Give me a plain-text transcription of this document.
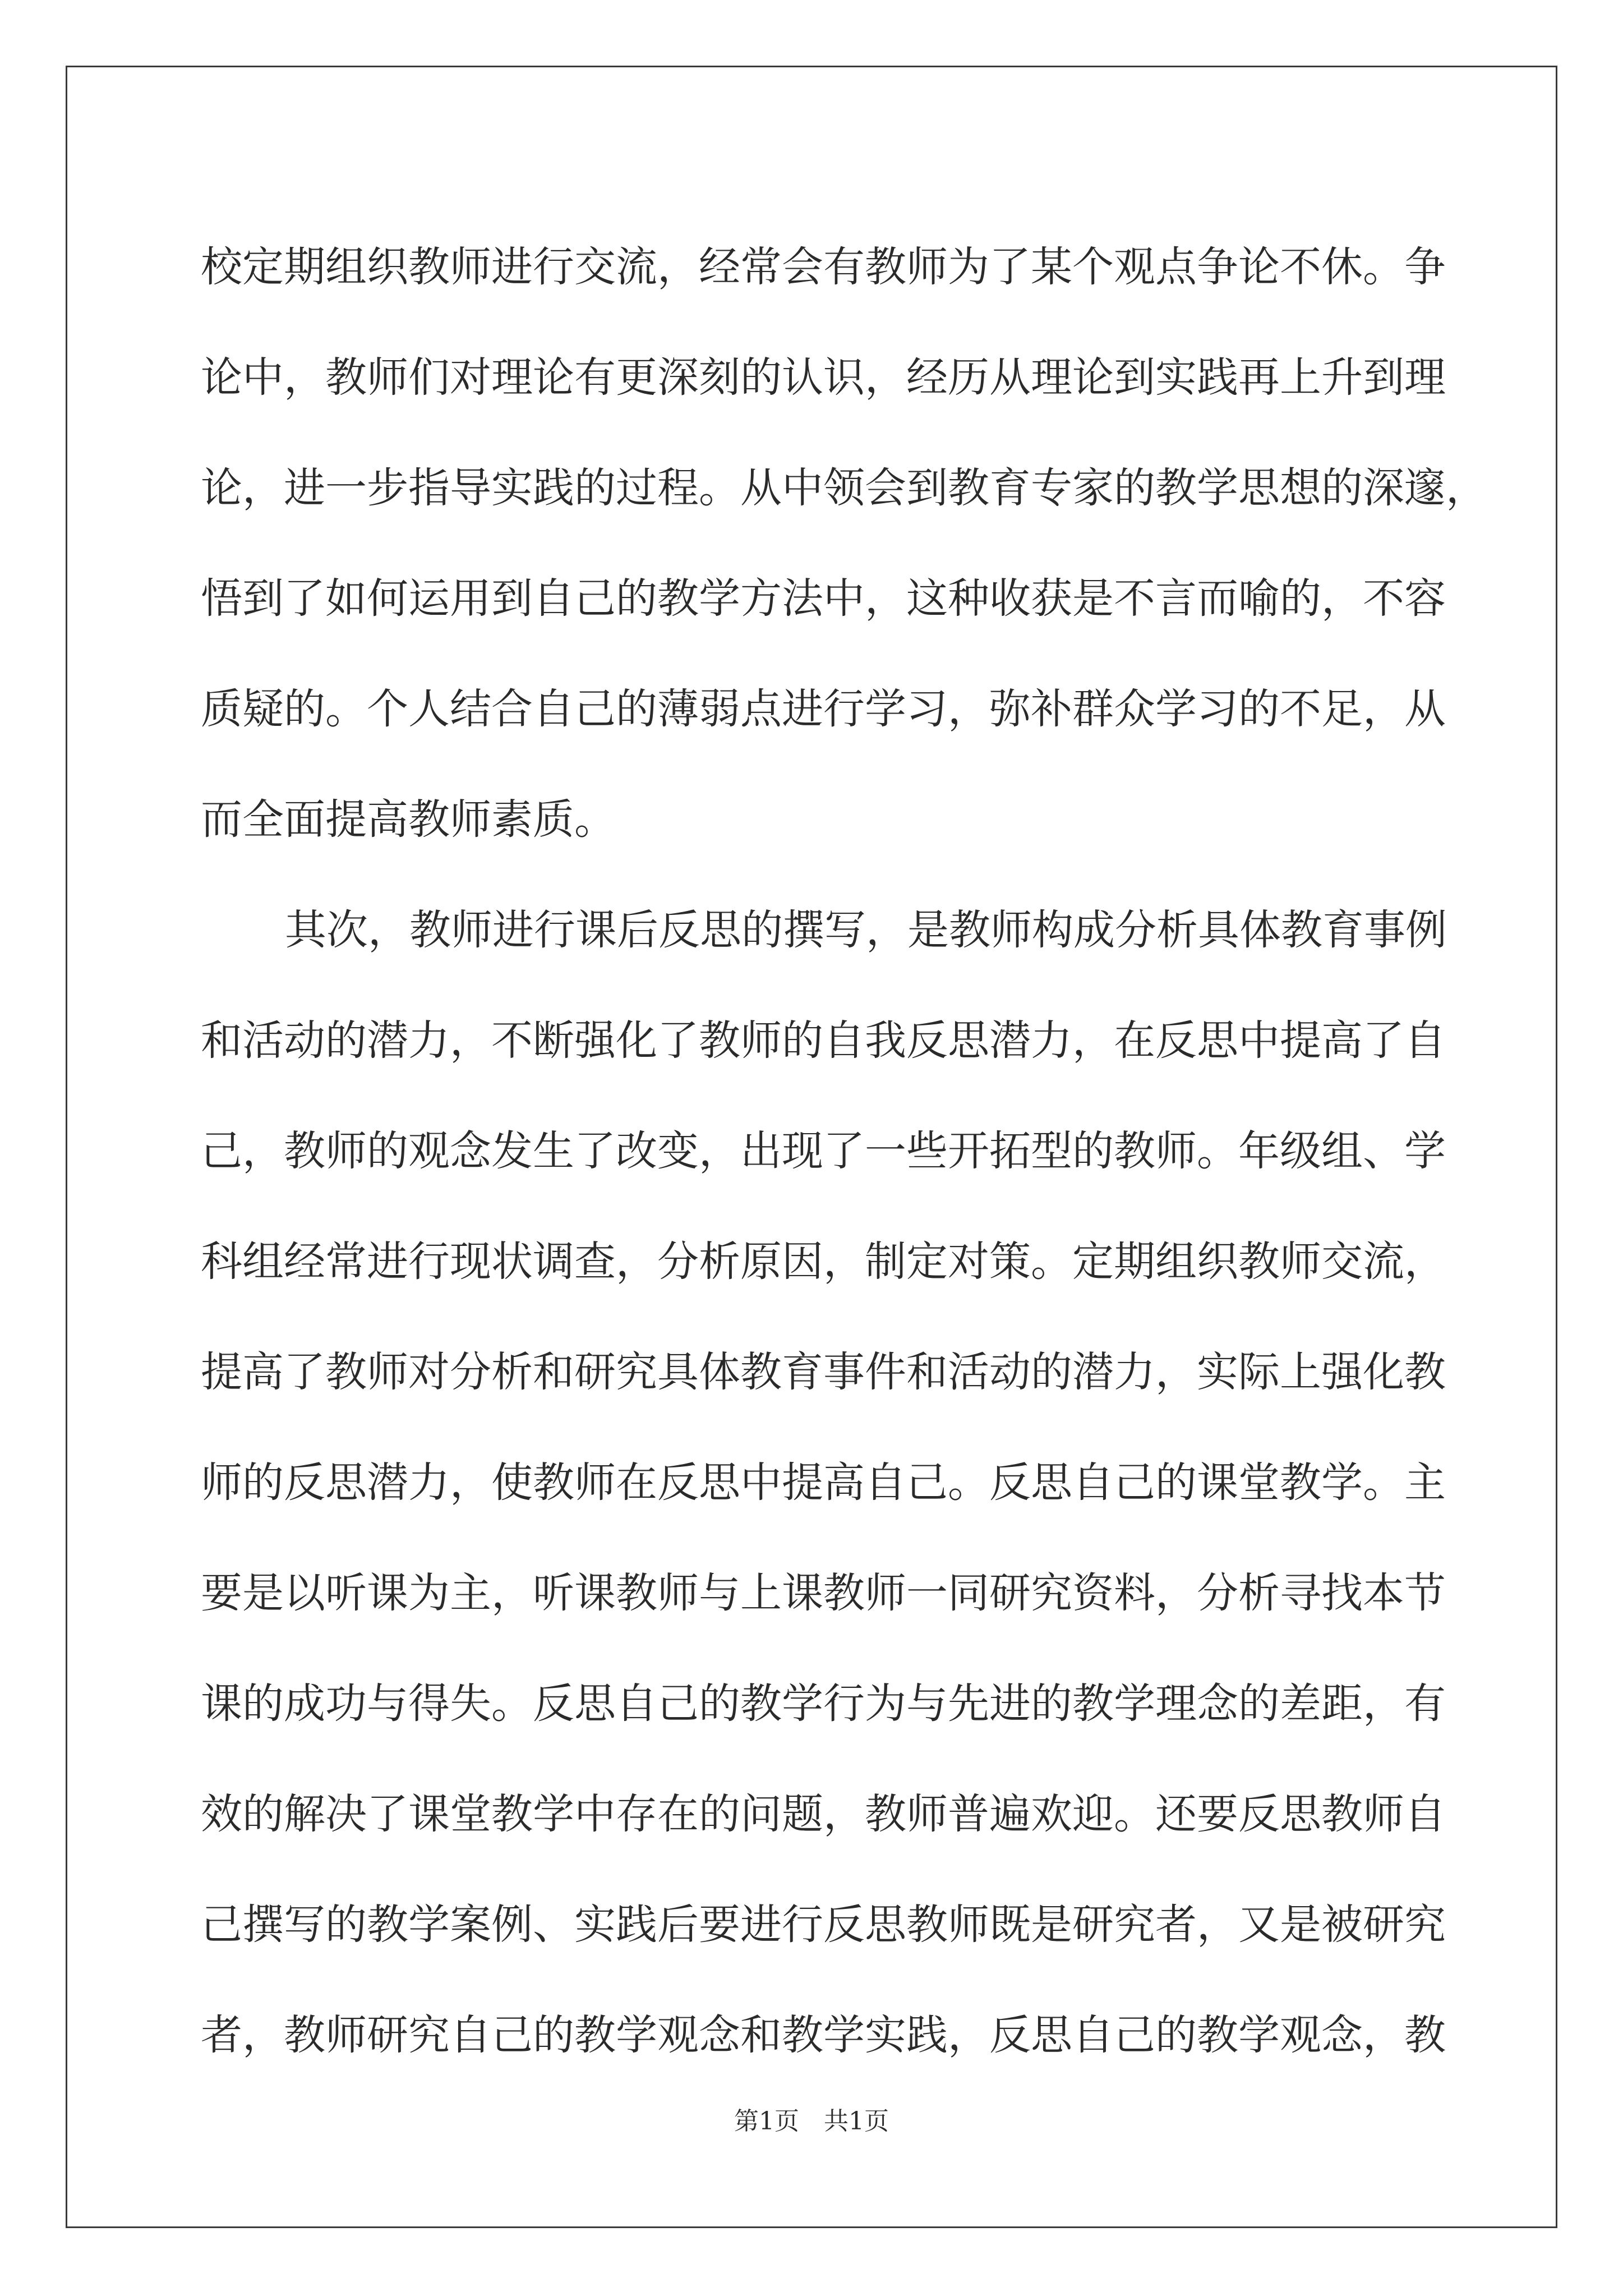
校定期组织教师进行交流，经常会有教师为了某个观点争论不休。争
论中，教师们对理论有更深刻的认识，经历从理论到实践再上升到理
论，进一步指导实践的过程。从中领会到教育专家的教学思想的深邃，
悟到了如何运用到自己的教学方法中，这种收获是不言而喻的，不容
质疑的。个人结合自己的薄弱点进行学习，弥补群众学习的不足，从
而全面提高教师素质。
其次，教师进行课后反思的撰写，是教师构成分析具体教育事例
和活动的潜力，不断强化了教师的自我反思潜力，在反思中提高了自
己，教师的观念发生了改变，出现了一些开拓型的教师。年级组、学
科组经常进行现状调查，分析原因，制定对策。定期组织教师交流，
提高了教师对分析和研究具体教育事件和活动的潜力，实际上强化教
师的反思潜力，使教师在反思中提高自己。反思自己的课堂教学。主
要是以听课为主，听课教师与上课教师一同研究资料，分析寻找本节
课的成功与得失。反思自己的教学行为与先进的教学理念的差距，有
效的解决了课堂教学中存在的问题，教师普遍欢迎。还要反思教师自
己撰写的教学案例、实践后要进行反思教师既是研究者，又是被研究
者，教师研究自己的教学观念和教学实践，反思自己的教学观念，教
第1页 共1页
